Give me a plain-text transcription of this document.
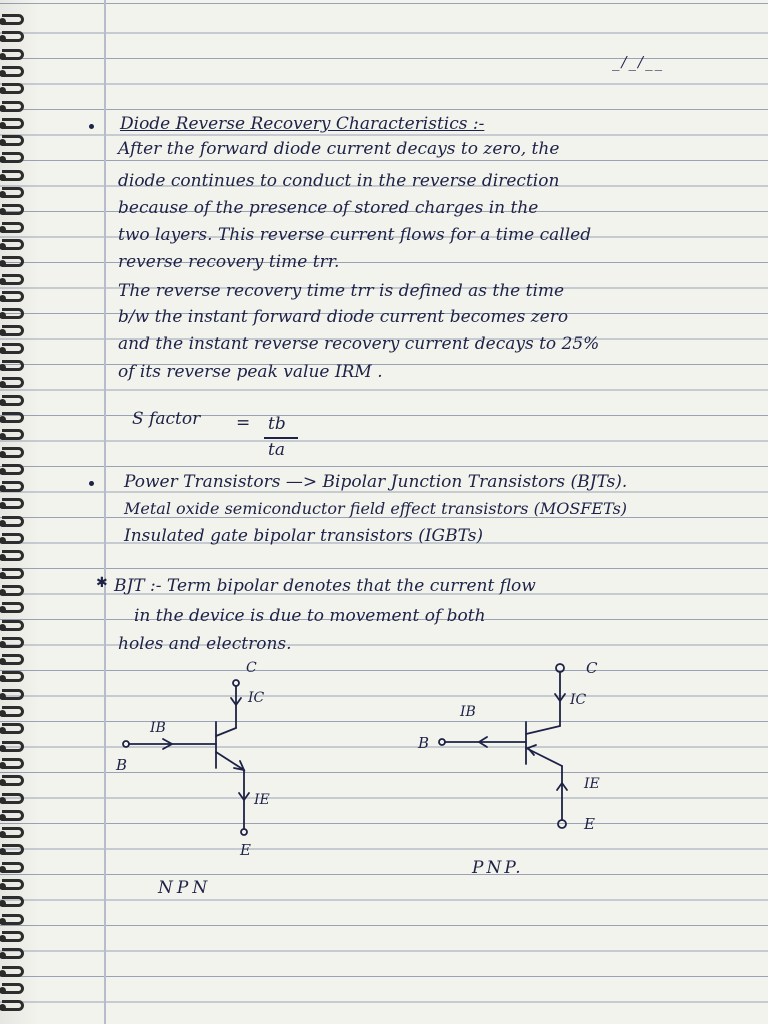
_/_/__

Diode Reverse Recovery Characteristics :-

After the forward diode current decays to zero, the

diode continues to conduct in the reverse direction

because of the presence of stored charges in the

two layers. This reverse current flows for a time called

reverse recovery time trr.

The reverse recovery time trr is defined as the time

b/w the instant forward diode current becomes zero

and the instant reverse recovery current decays to 25%

of its reverse peak value IRM .

S factor = tb

ta

Power Transistors —> Bipolar Junction Transistors (BJTs).

Metal oxide semiconductor field effect transistors (MOSFETs)

Insulated gate bipolar transistors (IGBTs)

✱ BJT :- Term bipolar denotes that the current flow

in the device is due to movement of both

holes and electrons.

C

IC

IB

B

IE

E

NPN

C

IC

IB

B

IE

E

PNP.
